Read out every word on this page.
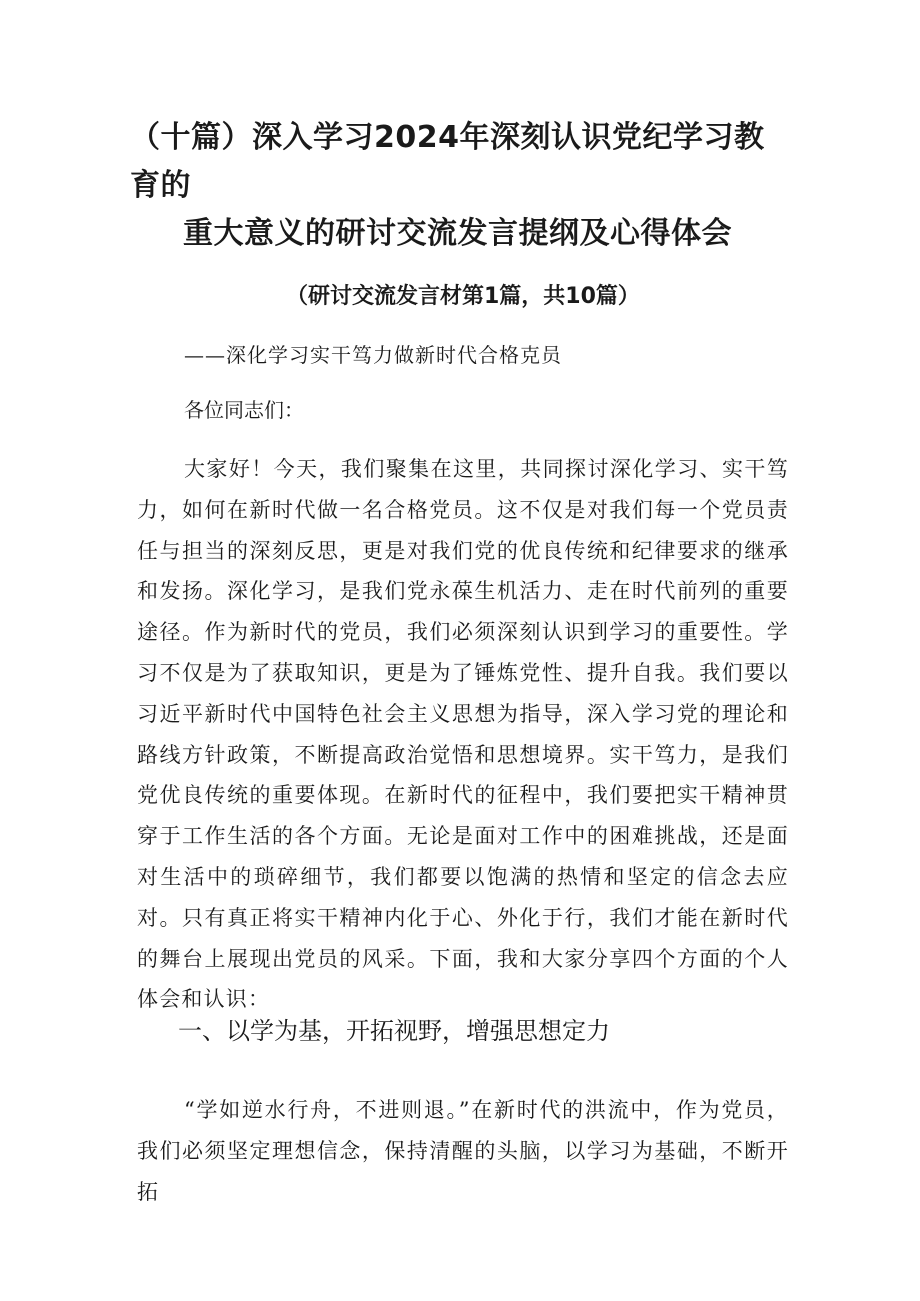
（十篇）深入学习2024年深刻认识党纪学习教育的
重大意义的研讨交流发言提纲及心得体会
（研讨交流发言材第1篇，共10篇）
——深化学习实干笃力做新时代合格克员
各位同志们：

大家好！今天，我们聚集在这里，共同探讨深化学习、实干笃力，如何在新时代做一名合格党员。这不仅是对我们每一个党员责任与担当的深刻反思，更是对我们党的优良传统和纪律要求的继承和发扬。深化学习，是我们党永葆生机活力、走在时代前列的重要途径。作为新时代的党员，我们必须深刻认识到学习的重要性。学习不仅是为了获取知识，更是为了锤炼党性、提升自我。我们要以习近平新时代中国特色社会主义思想为指导，深入学习党的理论和路线方针政策，不断提高政治觉悟和思想境界。实干笃力，是我们党优良传统的重要体现。在新时代的征程中，我们要把实干精神贯穿于工作生活的各个方面。无论是面对工作中的困难挑战，还是面对生活中的琐碎细节，我们都要以饱满的热情和坚定的信念去应对。只有真正将实干精神内化于心、外化于行，我们才能在新时代的舞台上展现出党员的风采。下面，我和大家分享四个方面的个人体会和认识：

一、以学为基，开拓视野，增强思想定力

“学如逆水行舟，不进则退。”在新时代的洪流中，作为党员，我们必须坚定理想信念，保持清醒的头脑，以学习为基础，不断开拓
